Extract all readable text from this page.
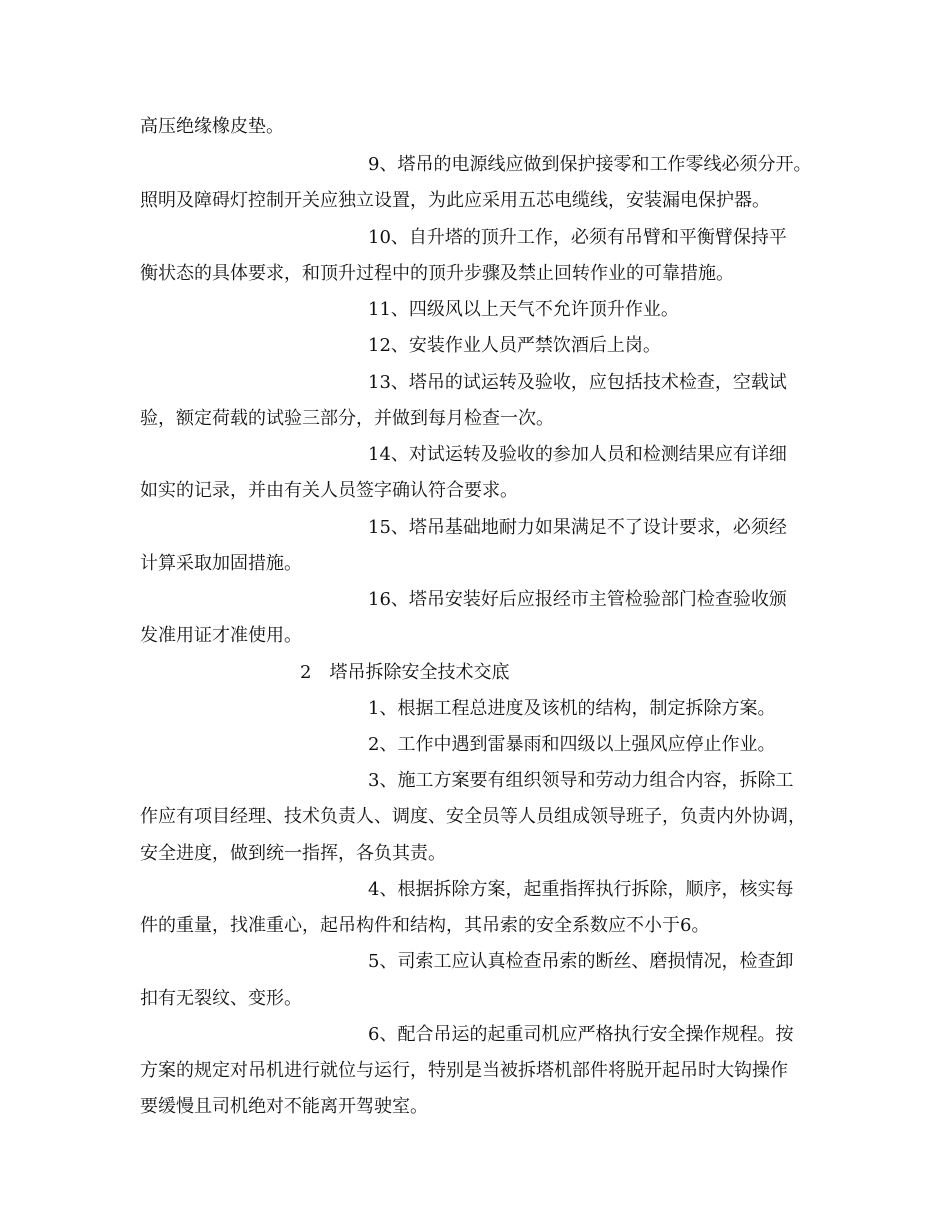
高压绝缘橡皮垫。
9、塔吊的电源线应做到保护接零和工作零线必须分开。
照明及障碍灯控制开关应独立设置，为此应采用五芯电缆线，安装漏电保护器。
10、自升塔的顶升工作，必须有吊臂和平衡臂保持平
衡状态的具体要求，和顶升过程中的顶升步骤及禁止回转作业的可靠措施。
11、四级风以上天气不允许顶升作业。
12、安装作业人员严禁饮酒后上岗。
13、塔吊的试运转及验收，应包括技术检查，空载试
验，额定荷载的试验三部分，并做到每月检查一次。
14、对试运转及验收的参加人员和检测结果应有详细
如实的记录，并由有关人员签字确认符合要求。
15、塔吊基础地耐力如果满足不了设计要求，必须经
计算采取加固措施。
16、塔吊安装好后应报经市主管检验部门检查验收颁
发准用证才准使用。
2　塔吊拆除安全技术交底
1、根据工程总进度及该机的结构，制定拆除方案。
2、工作中遇到雷暴雨和四级以上强风应停止作业。
3、施工方案要有组织领导和劳动力组合内容，拆除工
作应有项目经理、技术负责人、调度、安全员等人员组成领导班子，负责内外协调，
安全进度，做到统一指挥，各负其责。
4、根据拆除方案，起重指挥执行拆除，顺序，核实每
件的重量，找准重心，起吊构件和结构，其吊索的安全系数应不小于6。
5、司索工应认真检查吊索的断丝、磨损情况，检查卸
扣有无裂纹、变形。
6、配合吊运的起重司机应严格执行安全操作规程。按
方案的规定对吊机进行就位与运行，特别是当被拆塔机部件将脱开起吊时大钩操作
要缓慢且司机绝对不能离开驾驶室。
